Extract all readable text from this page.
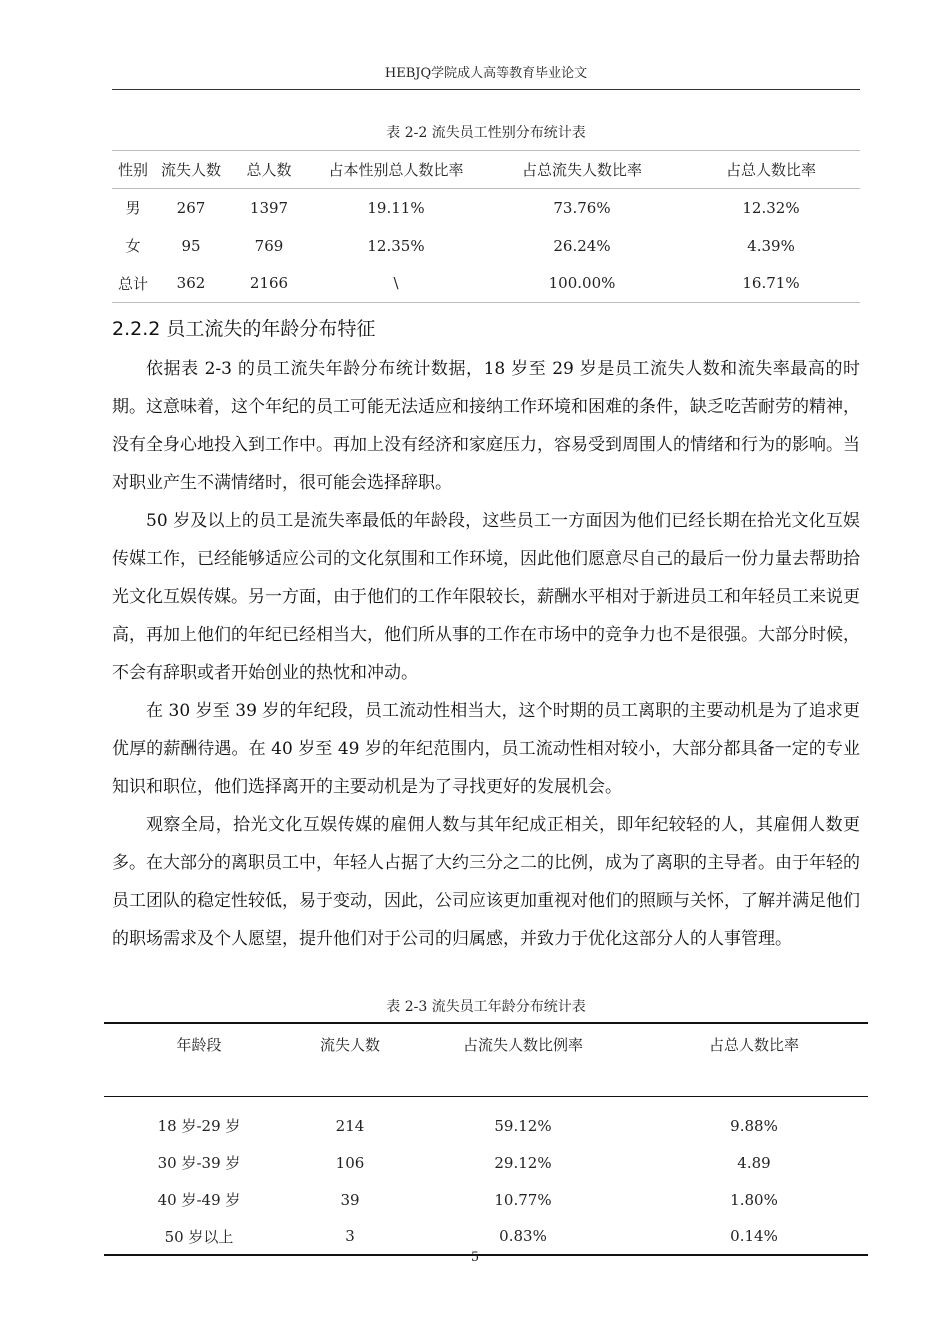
HEBJQ学院成人高等教育毕业论文
表 2-2 流失员工性别分布统计表
性别	流失人数	总人数	占本性别总人数比率	占总流失人数比率	占总人数比率
男	267	1397	19.11%	73.76%	12.32%
女	95	769	12.35%	26.24%	4.39%
总计	362	2166	\	100.00%	16.71%
2.2.2 员工流失的年龄分布特征

依据表 2-3 的员工流失年龄分布统计数据，18 岁至 29 岁是员工流失人数和流失率最高的时期。这意味着，这个年纪的员工可能无法适应和接纳工作环境和困难的条件，缺乏吃苦耐劳的精神，没有全身心地投入到工作中。再加上没有经济和家庭压力，容易受到周围人的情绪和行为的影响。当对职业产生不满情绪时，很可能会选择辞职。

50 岁及以上的员工是流失率最低的年龄段，这些员工一方面因为他们已经长期在拾光文化互娱传媒工作，已经能够适应公司的文化氛围和工作环境，因此他们愿意尽自己的最后一份力量去帮助拾光文化互娱传媒。另一方面，由于他们的工作年限较长，薪酬水平相对于新进员工和年轻员工来说更高，再加上他们的年纪已经相当大，他们所从事的工作在市场中的竞争力也不是很强。大部分时候，不会有辞职或者开始创业的热忱和冲动。

在 30 岁至 39 岁的年纪段，员工流动性相当大，这个时期的员工离职的主要动机是为了追求更优厚的薪酬待遇。在 40 岁至 49 岁的年纪范围内，员工流动性相对较小，大部分都具备一定的专业知识和职位，他们选择离开的主要动机是为了寻找更好的发展机会。

观察全局，拾光文化互娱传媒的雇佣人数与其年纪成正相关，即年纪较轻的人，其雇佣人数更多。在大部分的离职员工中，年轻人占据了大约三分之二的比例，成为了离职的主导者。由于年轻的员工团队的稳定性较低，易于变动，因此，公司应该更加重视对他们的照顾与关怀，了解并满足他们的职场需求及个人愿望，提升他们对于公司的归属感，并致力于优化这部分人的人事管理。

表 2-3 流失员工年龄分布统计表
年龄段	流失人数	占流失人数比例率	占总人数比率
18 岁-29 岁	214	59.12%	9.88%
30 岁-39 岁	106	29.12%	4.89
40 岁-49 岁	39	10.77%	1.80%
50 岁以上	3	0.83%	0.14%
5
